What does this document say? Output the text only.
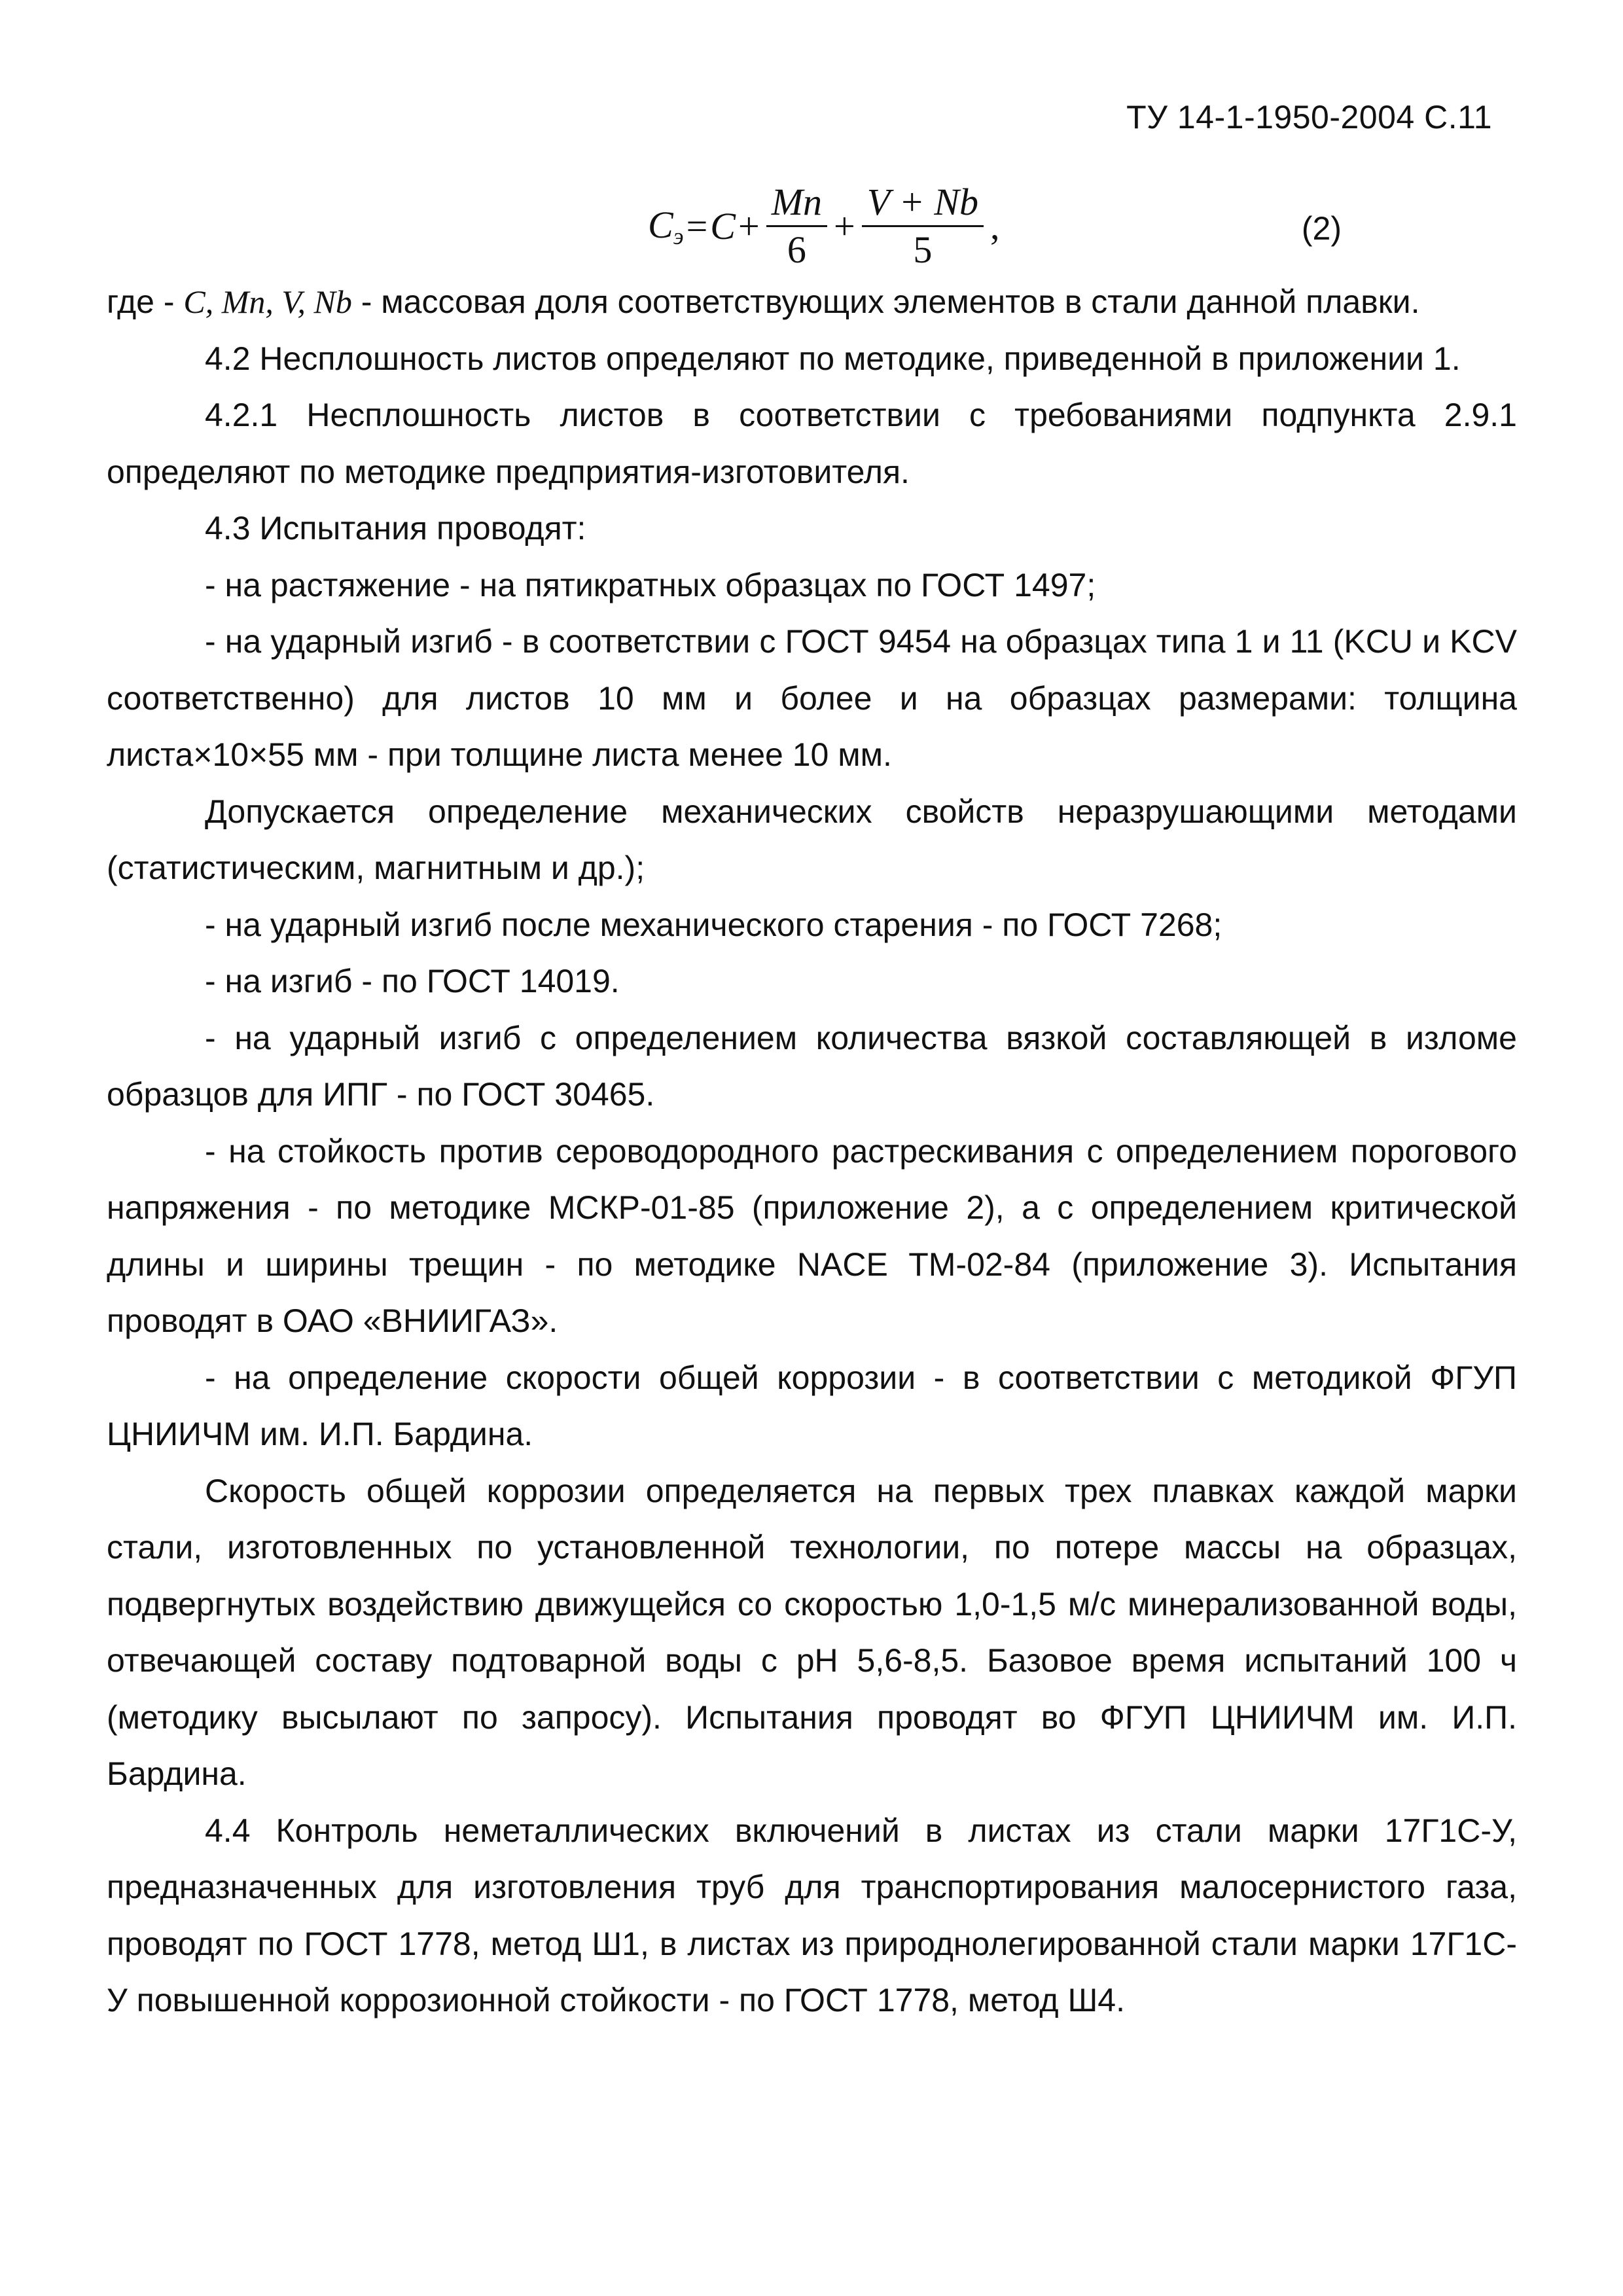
ТУ 14-1-1950-2004 С.11
$C_э = C + \frac{Mn}{6} + \frac{V + Nb}{5}$ ,	(2)

где - C, Mn, V, Nb - массовая доля соответствующих элементов в стали данной плавки.

4.2 Несплошность листов определяют по методике, приведенной в приложении 1.

4.2.1 Несплошность листов в соответствии с требованиями подпункта 2.9.1 определяют по методике предприятия-изготовителя.

4.3 Испытания проводят:

- на растяжение - на пятикратных образцах по ГОСТ 1497;

- на ударный изгиб - в соответствии с ГОСТ 9454 на образцах типа 1 и 11 (KCU и KCV соответственно) для листов 10 мм и более и на образцах размерами: толщина листа×10×55 мм - при толщине листа менее 10 мм.

Допускается определение механических свойств неразрушающими методами (статистическим, магнитным и др.);

- на ударный изгиб после механического старения - по ГОСТ 7268;

- на изгиб - по ГОСТ 14019.

- на ударный изгиб с определением количества вязкой составляющей в изломе образцов для ИПГ - по ГОСТ 30465.

- на стойкость против сероводородного растрескивания с определением порогового напряжения - по методике МСКР-01-85 (приложение 2), а с определением критической длины и ширины трещин - по методике NACE TM-02-84 (приложение 3). Испытания проводят в ОАО «ВНИИГАЗ».

- на определение скорости общей коррозии - в соответствии с методикой ФГУП ЦНИИЧМ им. И.П. Бардина.

Скорость общей коррозии определяется на первых трех плавках каждой марки стали, изготовленных по установленной технологии, по потере массы на образцах, подвергнутых воздействию движущейся со скоростью 1,0-1,5 м/с минерализованной воды, отвечающей составу подтоварной воды с pH 5,6-8,5. Базовое время испытаний 100 ч (методику высылают по запросу). Испытания проводят во ФГУП ЦНИИЧМ им. И.П. Бардина.

4.4 Контроль неметаллических включений в листах из стали марки 17Г1С-У, предназначенных для изготовления труб для транспортирования малосернистого газа, проводят по ГОСТ 1778, метод Ш1, в листах из природнолегированной стали марки 17Г1С-У повышенной коррозионной стойкости - по ГОСТ 1778, метод Ш4.
